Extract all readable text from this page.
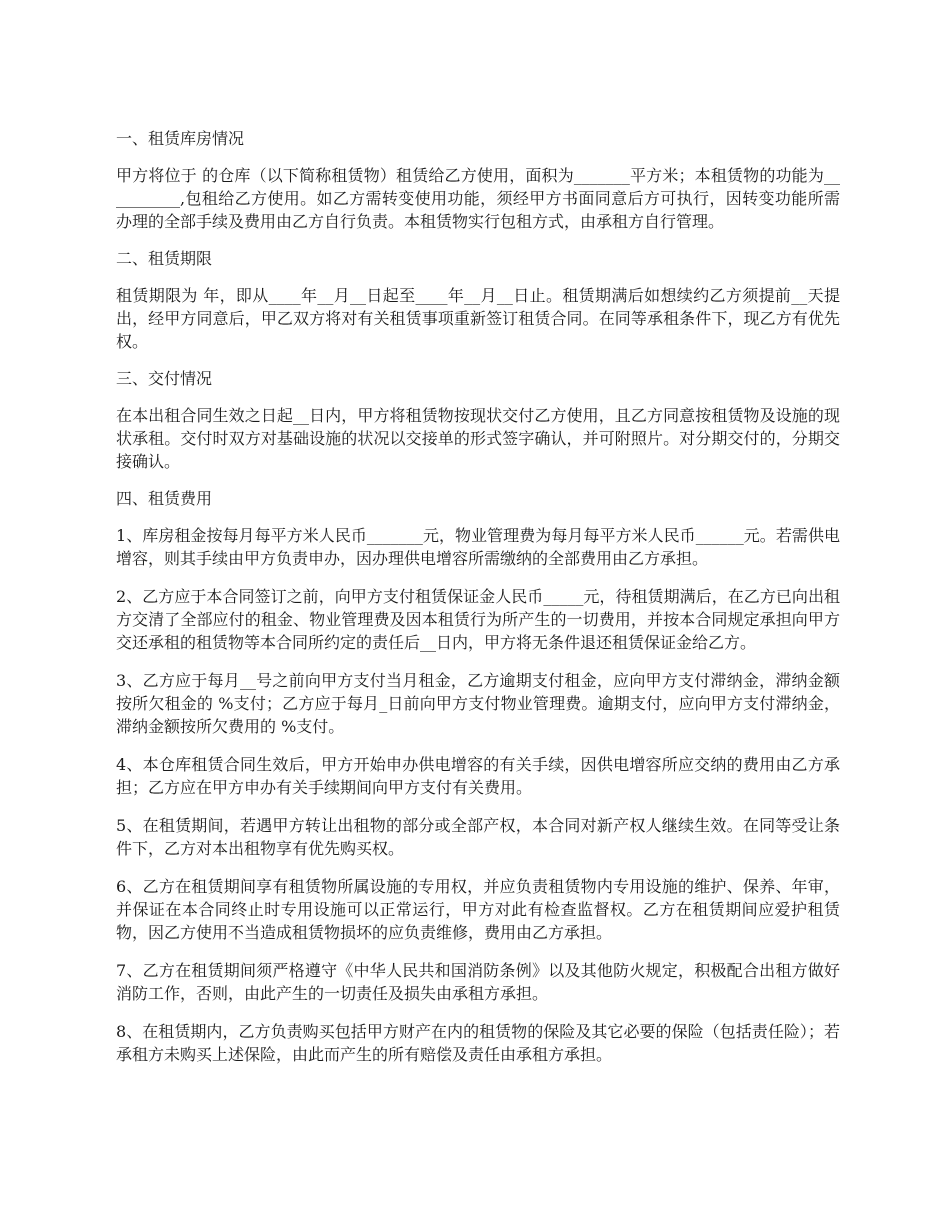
一、租赁库房情况

甲方将位于 的仓库（以下简称租赁物）租赁给乙方使用，面积为_______平方米；本租赁物的功能为__________,包租给乙方使用。如乙方需转变使用功能，须经甲方书面同意后方可执行，因转变功能所需办理的全部手续及费用由乙方自行负责。本租赁物实行包租方式，由承租方自行管理。

二、租赁期限

租赁期限为 年，即从____年__月__日起至____年__月__日止。租赁期满后如想续约乙方须提前__天提出，经甲方同意后，甲乙双方将对有关租赁事项重新签订租赁合同。在同等承租条件下，现乙方有优先权。

三、交付情况

在本出租合同生效之日起__日内，甲方将租赁物按现状交付乙方使用，且乙方同意按租赁物及设施的现状承租。交付时双方对基础设施的状况以交接单的形式签字确认，并可附照片。对分期交付的，分期交接确认。

四、租赁费用

1、库房租金按每月每平方米人民币_______元，物业管理费为每月每平方米人民币______元。若需供电增容，则其手续由甲方负责申办，因办理供电增容所需缴纳的全部费用由乙方承担。

2、乙方应于本合同签订之前，向甲方支付租赁保证金人民币_____元，待租赁期满后，在乙方已向出租方交清了全部应付的租金、物业管理费及因本租赁行为所产生的一切费用，并按本合同规定承担向甲方交还承租的租赁物等本合同所约定的责任后__日内，甲方将无条件退还租赁保证金给乙方。

3、乙方应于每月__号之前向甲方支付当月租金，乙方逾期支付租金，应向甲方支付滞纳金，滞纳金额按所欠租金的 %支付；乙方应于每月_日前向甲方支付物业管理费。逾期支付，应向甲方支付滞纳金，滞纳金额按所欠费用的 %支付。

4、本仓库租赁合同生效后，甲方开始申办供电增容的有关手续，因供电增容所应交纳的费用由乙方承担；乙方应在甲方申办有关手续期间向甲方支付有关费用。

5、在租赁期间，若遇甲方转让出租物的部分或全部产权，本合同对新产权人继续生效。在同等受让条件下，乙方对本出租物享有优先购买权。

6、乙方在租赁期间享有租赁物所属设施的专用权，并应负责租赁物内专用设施的维护、保养、年审，并保证在本合同终止时专用设施可以正常运行，甲方对此有检查监督权。乙方在租赁期间应爱护租赁物，因乙方使用不当造成租赁物损坏的应负责维修，费用由乙方承担。

7、乙方在租赁期间须严格遵守《中华人民共和国消防条例》以及其他防火规定，积极配合出租方做好消防工作，否则，由此产生的一切责任及损失由承租方承担。

8、在租赁期内，乙方负责购买包括甲方财产在内的租赁物的保险及其它必要的保险（包括责任险）；若承租方未购买上述保险，由此而产生的所有赔偿及责任由承租方承担。
